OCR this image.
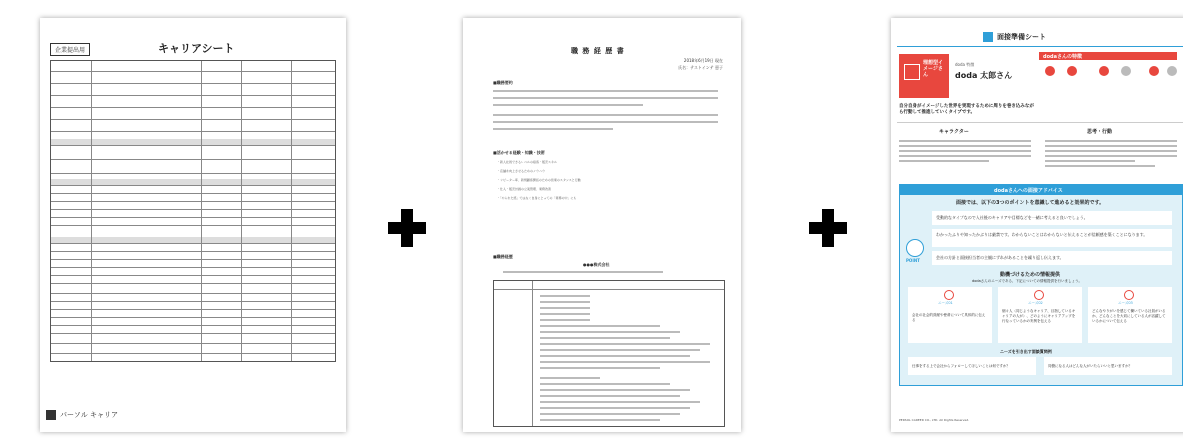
企業提出用	キャリアシート
パーソル キャリア
職 務 経 歴 書
2018年6月19日 現在
氏名：テストインテ 恵子
■職務要約
■活かせる経験・知識・技術
・新人社員できるレベルの接客・販売スキル
・店舗を向上させるためのノウハウ
・リピーター率、新規顧客開拓のための営業のスタンスと行動
・仕入・販売計画の立案管理、業務改善
・「やられた感」ではなく自身にとっての「業務の中」にも
■職務経歴
●●●株式会社
面接準備シート
理想型イメージさん
doda 特徴
doda 太郎さん
dodaさんの特徴
自分自身がイメージした世界を実現するために周りを巻き込みながら行動して推進していくタイプです。
キャラクター	思考・行動
dodaさんへの面接アドバイス
面接では、以下の3つのポイントを意識して進めると効果的です。
POINT
受動的なタイプなので入社後のキャリアや目標などを一緒に考えると良いでしょう。
わかったふりや知ったかぶりは厳禁です。わからないことはわからないと伝えることが信頼感を築くことになります。
会社の方針と面接担当者の主観にずれがあることを繰り返し伝えます。
動機づけるための情報提供
dodaさんのニーズである、下記についての情報提供を行いましょう。
ニーズ01
会社の社会的貢献や使命について具体的に伝える
ニーズ02
個々人（同じようなキャリア、目指しているキャリアの人が）、どのようにキャリアアップを行なっているかの実例を伝える
ニーズ03
どんなやりがいを感じて働いている社員がいるか、どんなことを大切にしている人が活躍しているかについて伝える
ニーズを引き出す面談質問例
仕事をする上で会社からフォローしてほしいことは何ですか？	同僚になる人はどんな人がいたらいいと思いますか？
PERSOL CAREER CO., LTD. All Rights Reserved.
